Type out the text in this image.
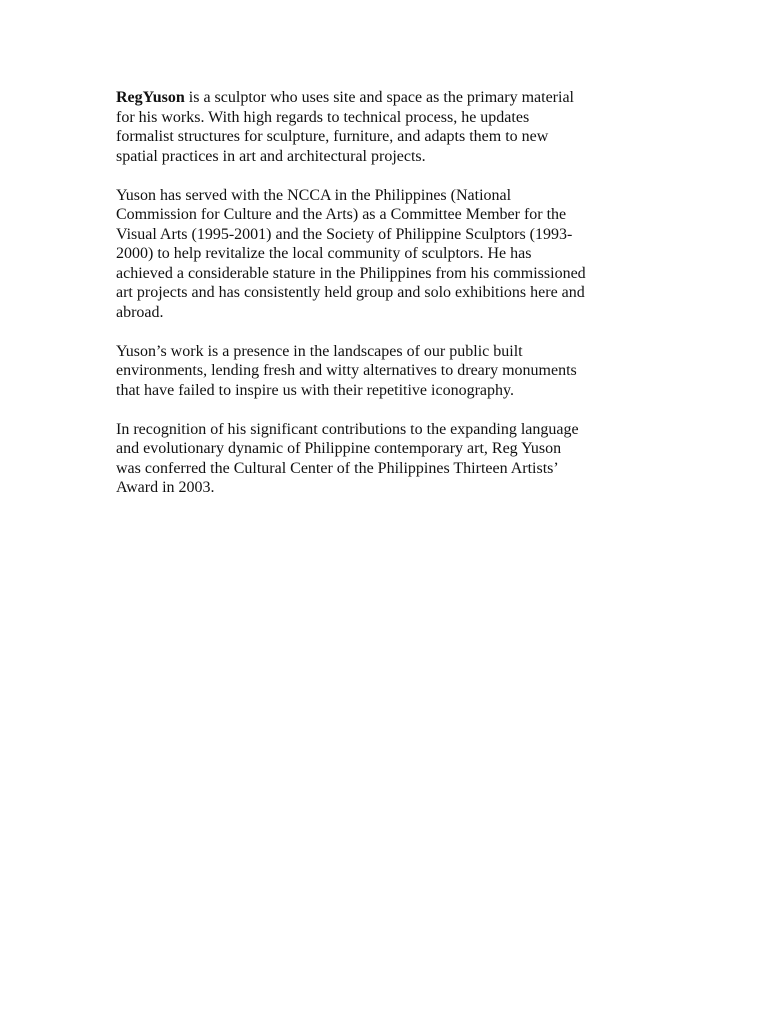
RegYuson is a sculptor who uses site and space as the primary material
for his works. With high regards to technical process, he updates
formalist structures for sculpture, furniture, and adapts them to new
spatial practices in art and architectural projects.

Yuson has served with the NCCA in the Philippines (National
Commission for Culture and the Arts) as a Committee Member for the
Visual Arts (1995-2001) and the Society of Philippine Sculptors (1993-
2000) to help revitalize the local community of sculptors. He has
achieved a considerable stature in the Philippines from his commissioned
art projects and has consistently held group and solo exhibitions here and
abroad.

Yuson’s work is a presence in the landscapes of our public built
environments, lending fresh and witty alternatives to dreary monuments
that have failed to inspire us with their repetitive iconography.

In recognition of his significant contributions to the expanding language
and evolutionary dynamic of Philippine contemporary art, Reg Yuson
was conferred the Cultural Center of the Philippines Thirteen Artists’
Award in 2003.
